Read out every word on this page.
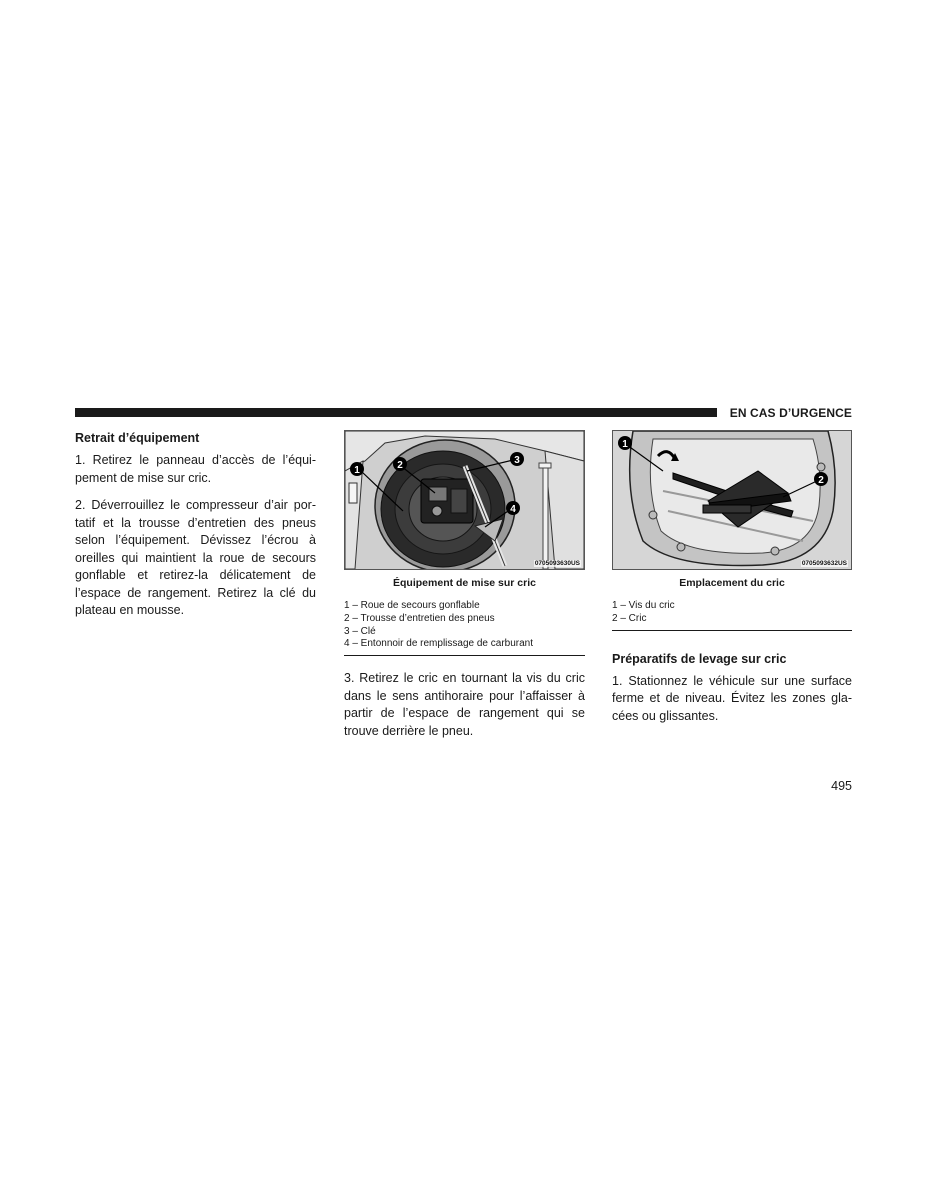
EN CAS D’URGENCE
Retrait d’équipement

1. Retirez le panneau d’accès de l’équi-pement de mise sur cric.

2. Déverrouillez le compresseur d’air por-tatif et la trousse d’entretien des pneus selon l’équipement. Dévissez l’écrou à oreilles qui maintient la roue de secours gonflable et retirez-la délicatement de l’espace de rangement. Retirez la clé du plateau en mousse.

1	2	3
4
0705093630US
Équipement de mise sur cric
1 – Roue de secours gonflable
2 – Trousse d’entretien des pneus
3 – Clé
4 – Entonnoir de remplissage de carburant

3. Retirez le cric en tournant la vis du cric dans le sens antihoraire pour l’affaisser à partir de l’espace de rangement qui se trouve derrière le pneu.

1
2
0705093632US
Emplacement du cric
1 – Vis du cric
2 – Cric
Préparatifs de levage sur cric

1. Stationnez le véhicule sur une surface ferme et de niveau. Évitez les zones gla-cées ou glissantes.

495
